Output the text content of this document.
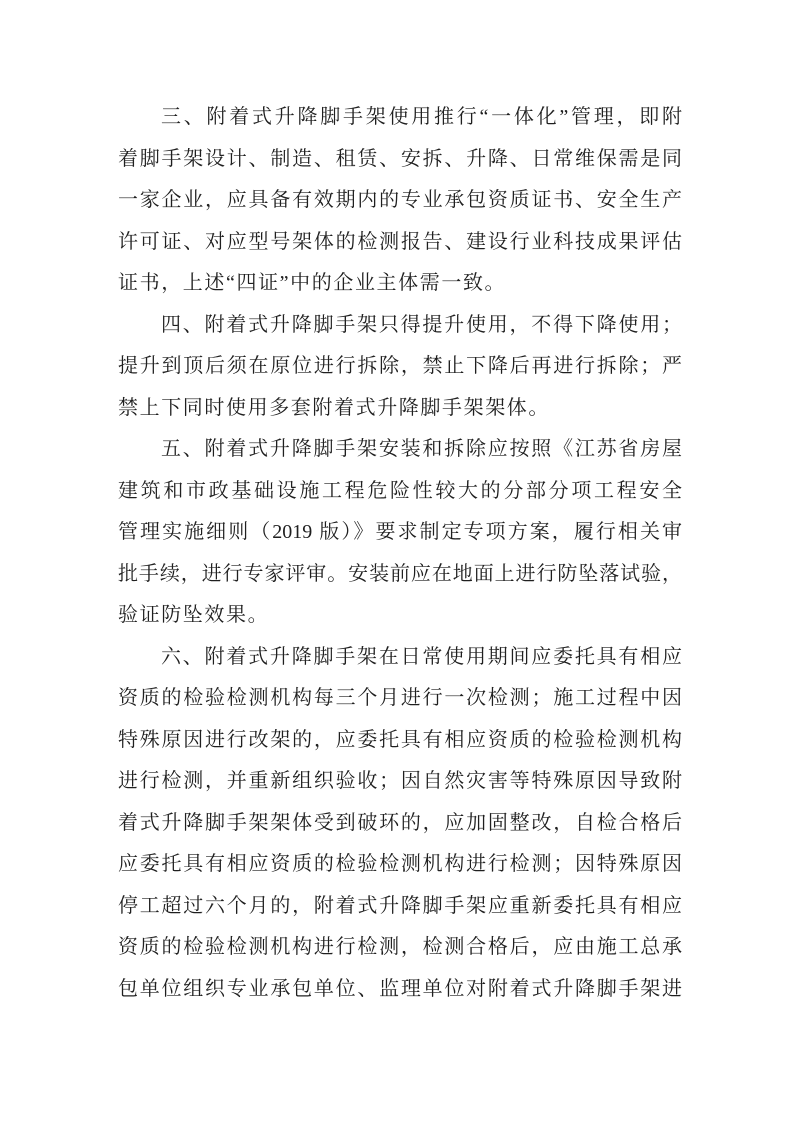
三、附着式升降脚手架使用推行“一体化”管理，即附
着脚手架设计、制造、租赁、安拆、升降、日常维保需是同
一家企业，应具备有效期内的专业承包资质证书、安全生产
许可证、对应型号架体的检测报告、建设行业科技成果评估
证书，上述“四证”中的企业主体需一致。
四、附着式升降脚手架只得提升使用，不得下降使用；
提升到顶后须在原位进行拆除，禁止下降后再进行拆除；严
禁上下同时使用多套附着式升降脚手架架体。
五、附着式升降脚手架安装和拆除应按照《江苏省房屋
建筑和市政基础设施工程危险性较大的分部分项工程安全
管理实施细则（2019 版）》要求制定专项方案，履行相关审
批手续，进行专家评审。安装前应在地面上进行防坠落试验，
验证防坠效果。
六、附着式升降脚手架在日常使用期间应委托具有相应
资质的检验检测机构每三个月进行一次检测；施工过程中因
特殊原因进行改架的，应委托具有相应资质的检验检测机构
进行检测，并重新组织验收；因自然灾害等特殊原因导致附
着式升降脚手架架体受到破环的，应加固整改，自检合格后
应委托具有相应资质的检验检测机构进行检测；因特殊原因
停工超过六个月的，附着式升降脚手架应重新委托具有相应
资质的检验检测机构进行检测，检测合格后，应由施工总承
包单位组织专业承包单位、监理单位对附着式升降脚手架进
